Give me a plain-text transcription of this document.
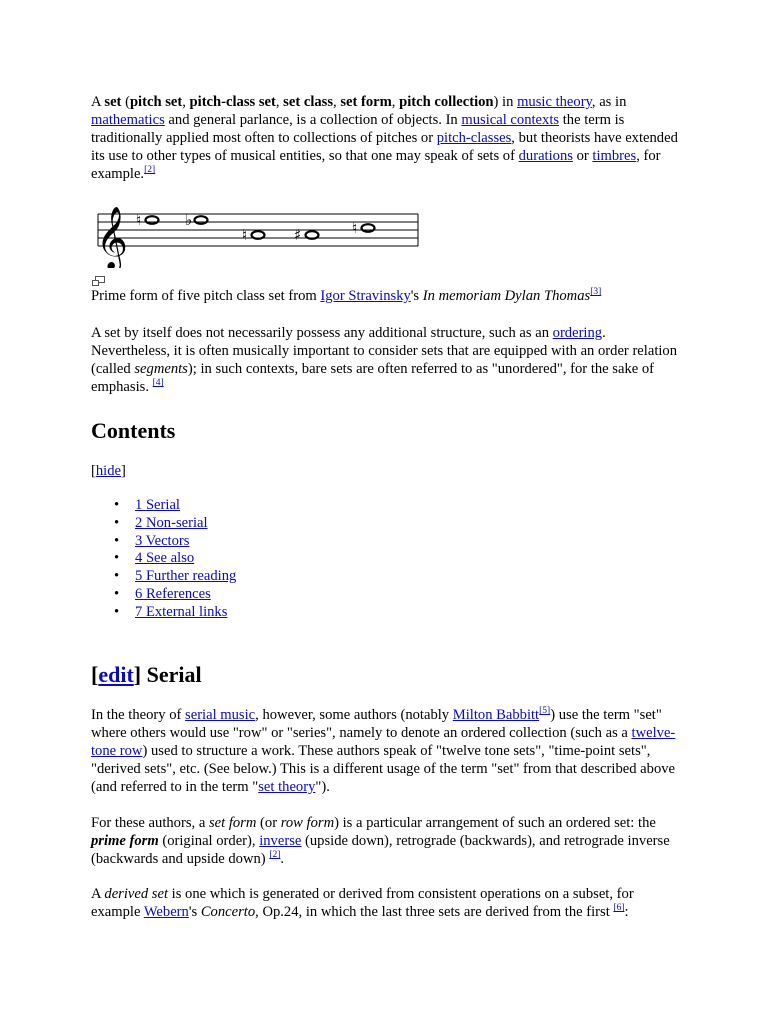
A set (pitch set, pitch-class set, set class, set form, pitch collection) in music theory, as in
mathematics and general parlance, is a collection of objects. In musical contexts the term is traditionally applied most often to collections of pitches or pitch-classes, but theorists have extended its use to other types of musical entities, so that one may speak of sets of durations or timbres, for example.[2]

𝄞 ♮	♭
♮	♯	♮

Prime form of five pitch class set from Igor Stravinsky's In memoriam Dylan Thomas[3]

A set by itself does not necessarily possess any additional structure, such as an ordering. Nevertheless, it is often musically important to consider sets that are equipped with an order relation (called segments); in such contexts, bare sets are often referred to as "unordered", for the sake of emphasis. [4]

Contents

[hide]

• 1 Serial
• 2 Non-serial
• 3 Vectors
• 4 See also
• 5 Further reading
• 6 References
• 7 External links
[edit] Serial

In the theory of serial music, however, some authors (notably Milton Babbitt[5]) use the term "set" where others would use "row" or "series", namely to denote an ordered collection (such as a twelve-tone row) used to structure a work. These authors speak of "twelve tone sets", "time-point sets", "derived sets", etc. (See below.) This is a different usage of the term "set" from that described above (and referred to in the term "set theory").

For these authors, a set form (or row form) is a particular arrangement of such an ordered set: the prime form (original order), inverse (upside down), retrograde (backwards), and retrograde inverse (backwards and upside down) [2].

A derived set is one which is generated or derived from consistent operations on a subset, for example Webern's Concerto, Op.24, in which the last three sets are derived from the first [6]:
